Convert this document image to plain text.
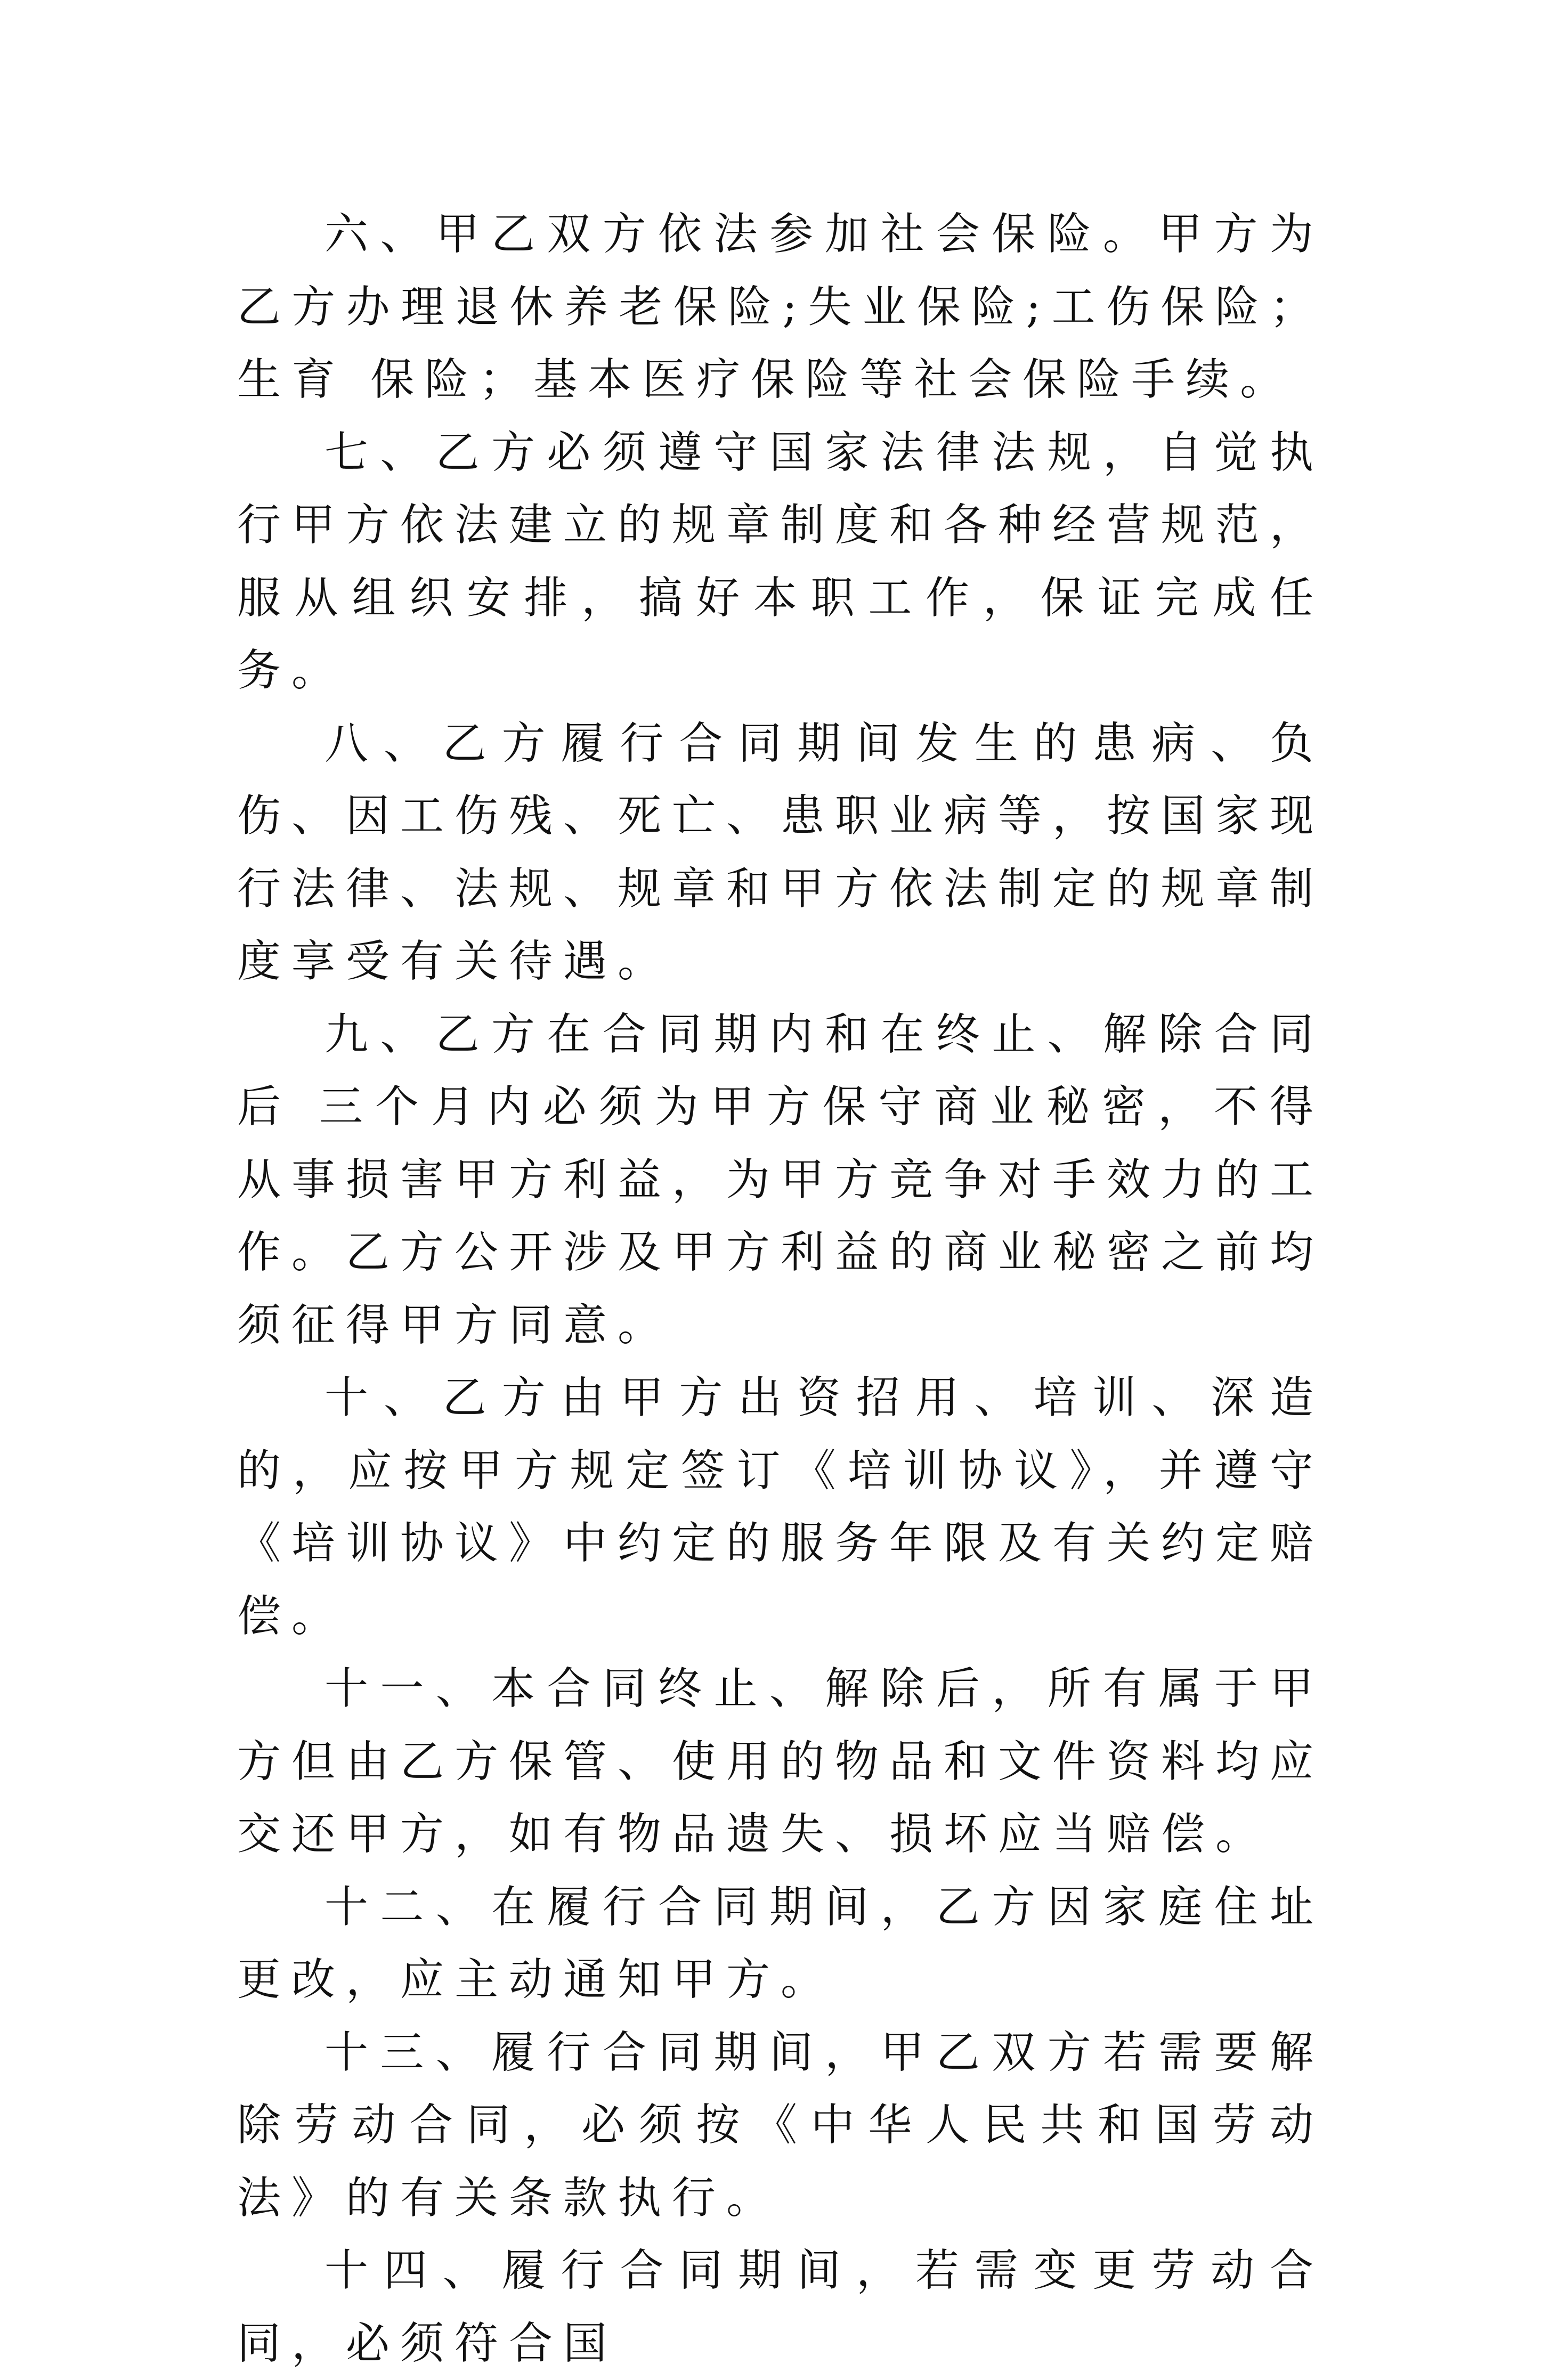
六、甲乙双方依法参加社会保险。甲方为乙方办理退休养老保险;失业保险;工伤保险； 生育 保险；基本医疗保险等社会保险手续。

七、乙方必须遵守国家法律法规，自觉执行甲方依法建立的规章制度和各种经营规范，服从组织安排，搞好本职工作，保证完成任务。

八、乙方履行合同期间发生的患病、负伤、因工伤残、死亡、患职业病等，按国家现行法律、法规、规章和甲方依法制定的规章制度享受有关待遇。

九、乙方在合同期内和在终止、解除合同后 三个月内必须为甲方保守商业秘密，不得从事损害甲方利益，为甲方竞争对手效力的工作。乙方公开涉及甲方利益的商业秘密之前均须征得甲方同意。

十、乙方由甲方出资招用、培训、深造的，应按甲方规定签订《培训协议》，并遵守《培训协议》中约定的服务年限及有关约定赔偿。

十一、本合同终止、解除后，所有属于甲方但由乙方保管、使用的物品和文件资料均应交还甲方，如有物品遗失、损坏应当赔偿。

十二、在履行合同期间，乙方因家庭住址更改，应主动通知甲方。

十三、履行合同期间，甲乙双方若需要解除劳动合同，必须按《中华人民共和国劳动法》的有关条款执行。

十四、履行合同期间，若需变更劳动合同，必须符合国
